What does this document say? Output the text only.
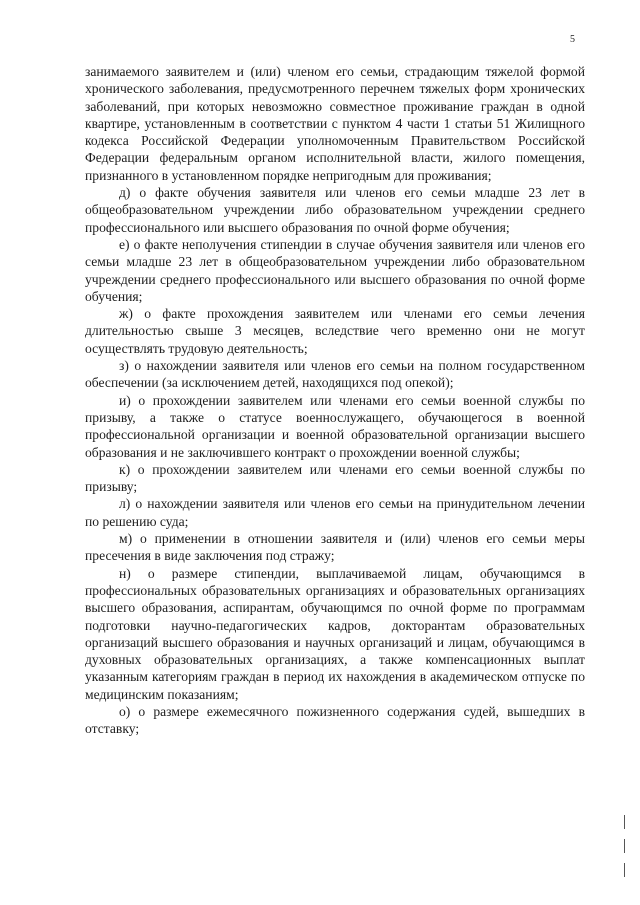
5

занимаемого заявителем и (или) членом его семьи, страдающим тяжелой формой хронического заболевания, предусмотренного перечнем тяжелых форм хронических заболеваний, при которых невозможно совместное проживание граждан в одной квартире, установленным в соответствии с пунктом 4 части 1 статьи 51 Жилищного кодекса Российской Федерации уполномоченным Правительством Российской Федерации федеральным органом исполнительной власти, жилого помещения, признанного в установленном порядке непригодным для проживания;

д) о факте обучения заявителя или членов его семьи младше 23 лет в общеобразовательном учреждении либо образовательном учреждении среднего профессионального или высшего образования по очной форме обучения;

е) о факте неполучения стипендии в случае обучения заявителя или членов его семьи младше 23 лет в общеобразовательном учреждении либо образовательном учреждении среднего профессионального или высшего образования по очной форме обучения;

ж) о факте прохождения заявителем или членами его семьи лечения длительностью свыше 3 месяцев, вследствие чего временно они не могут осуществлять трудовую деятельность;

з) о нахождении заявителя или членов его семьи на полном государственном обеспечении (за исключением детей, находящихся под опекой);

и) о прохождении заявителем или членами его семьи военной службы по призыву, а также о статусе военнослужащего, обучающегося в военной профессиональной организации и военной образовательной организации высшего образования и не заключившего контракт о прохождении военной службы;

к) о прохождении заявителем или членами его семьи военной службы по призыву;

л) о нахождении заявителя или членов его семьи на принудительном лечении по решению суда;

м) о применении в отношении заявителя и (или) членов его семьи меры пресечения в виде заключения под стражу;

н) о размере стипендии, выплачиваемой лицам, обучающимся в профессиональных образовательных организациях и образовательных организациях высшего образования, аспирантам, обучающимся по очной форме по программам подготовки научно-педагогических кадров, докторантам образовательных организаций высшего образования и научных организаций и лицам, обучающимся в духовных образовательных организациях, а также компенсационных выплат указанным категориям граждан в период их нахождения в академическом отпуске по медицинским показаниям;

о) о размере ежемесячного пожизненного содержания судей, вышедших в отставку;
